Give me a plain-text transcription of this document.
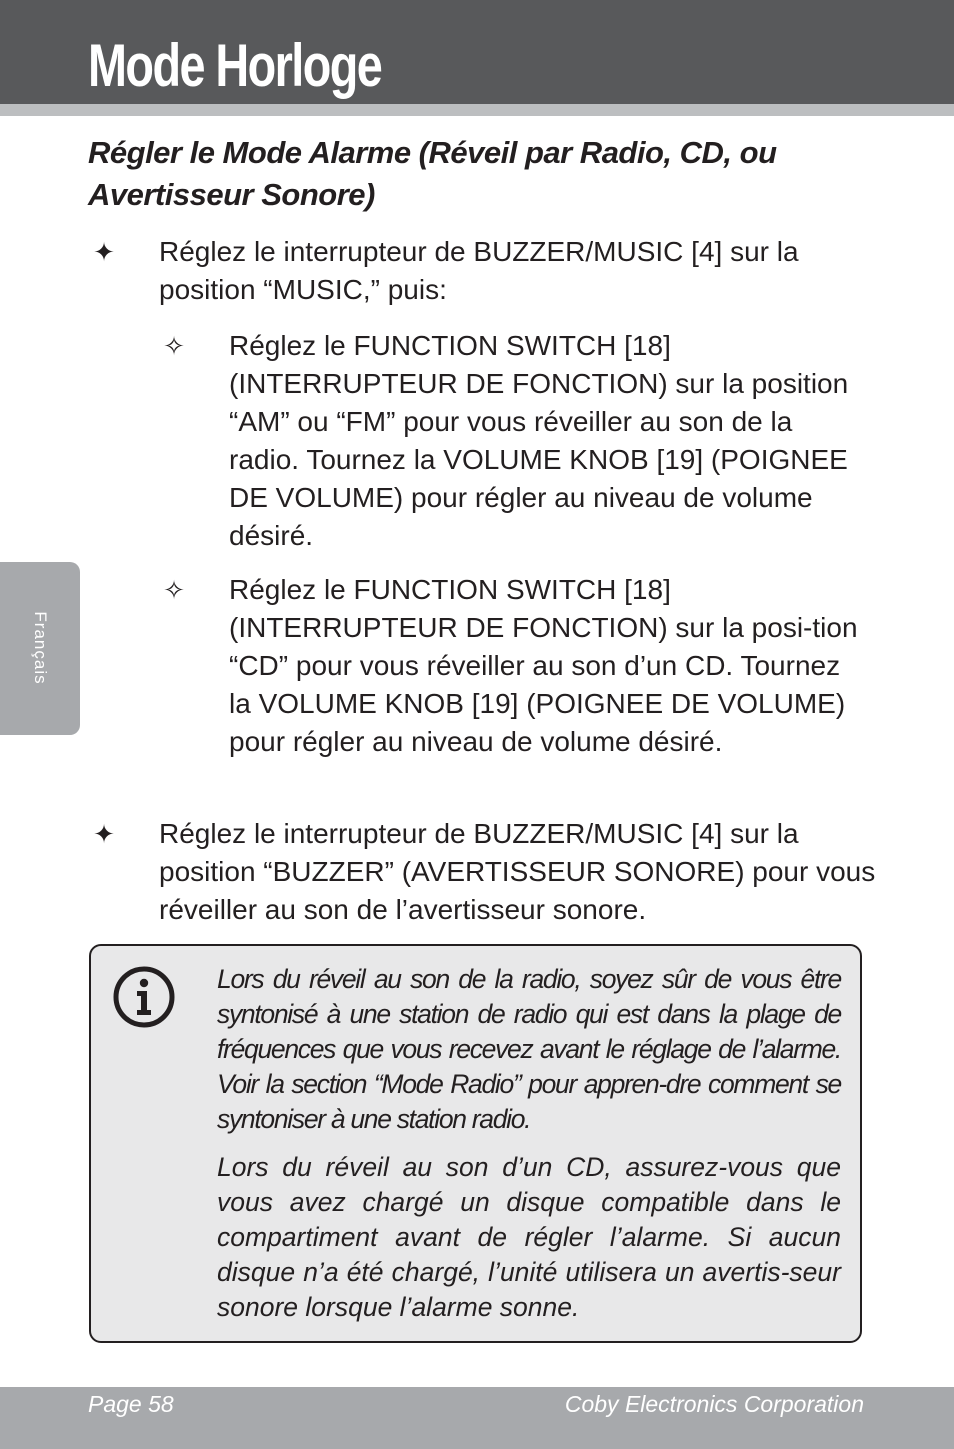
Mode Horloge
Français
Régler le Mode Alarme (Réveil par Radio, CD, ou Avertisseur Sonore)
✦ Réglez le interrupteur de BUZZER/MUSIC [4] sur la position “MUSIC,” puis:
✧ Réglez le FUNCTION SWITCH [18] (INTERRUPTEUR DE FONCTION) sur la position “AM” ou “FM” pour vous réveiller au son de la radio. Tournez la VOLUME KNOB [19] (POIGNEE DE VOLUME) pour régler au niveau de volume désiré.
✧ Réglez le FUNCTION SWITCH [18] (INTERRUPTEUR DE FONCTION) sur la posi-tion “CD” pour vous réveiller au son d’un CD. Tournez la VOLUME KNOB [19] (POIGNEE DE VOLUME) pour régler au niveau de volume désiré.
✦ Réglez le interrupteur de BUZZER/MUSIC [4] sur la position “BUZZER” (AVERTISSEUR SONORE) pour vous réveiller au son de l’avertisseur sonore.
Lors du réveil au son de la radio, soyez sûr de vous être syntonisé à une station de radio qui est dans la plage de fréquences que vous recevez avant le réglage de l’alarme. Voir la section “Mode Radio” pour appren-dre comment se syntoniser à une station radio.
Lors du réveil au son d’un CD, assurez-vous que vous avez chargé un disque compatible dans le compartiment avant de régler l’alarme. Si aucun disque n’a été chargé, l’unité utilisera un avertis-seur sonore lorsque l’alarme sonne.
Page 58	Coby Electronics Corporation
